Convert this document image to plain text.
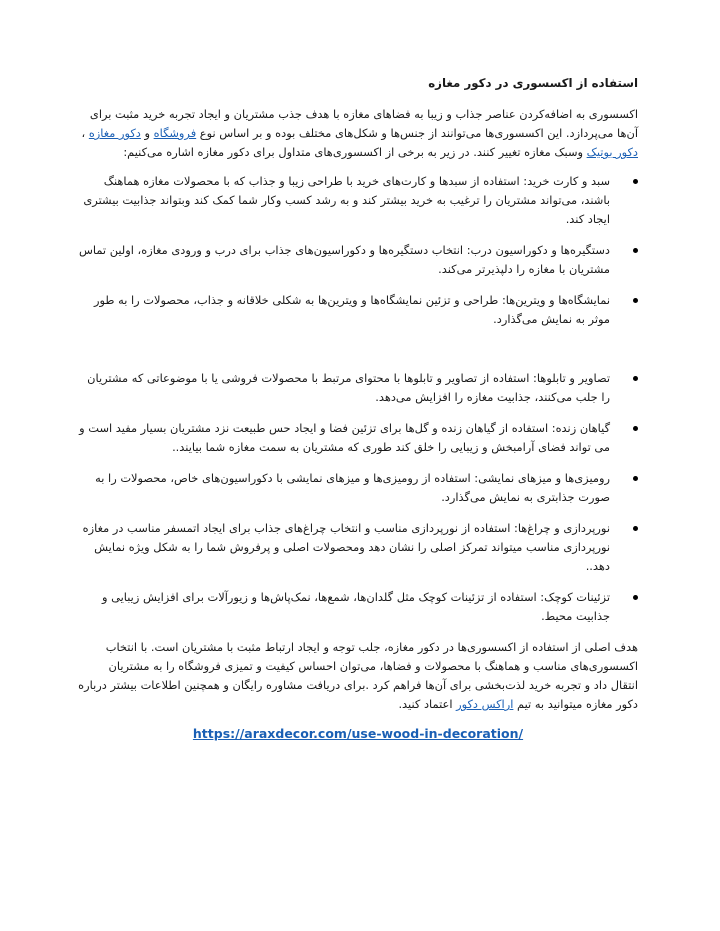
استفاده از اکسسوری در دکور مغازه

اکسسوری به اضافه‌کردن عناصر جذاب و زیبا به فضاهای مغازه با هدف جذب مشتریان و ایجاد تجربه خرید مثبت برای آن‌ها می‌پردازد. این اکسسوری‌ها می‌توانند از جنس‌ها و شکل‌های مختلف بوده و بر اساس نوع فروشگاه و دکور مغازه ، دکور بوتیک وسبک مغازه تغییر کنند. در زیر به برخی از اکسسوری‌های متداول برای دکور مغازه اشاره می‌کنیم:

سبد و کارت خرید: استفاده از سبدها و کارت‌های خرید با طراحی زیبا و جذاب که با محصولات مغازه هماهنگ باشند، می‌تواند مشتریان را ترغیب به خرید بیشتر کند و به رشد کسب وکار شما کمک کند وبتواند جذابیت بیشتری ایجاد کند.
دستگیره‌ها و دکوراسیون درب: انتخاب دستگیره‌ها و دکوراسیون‌های جذاب برای درب و ورودی مغازه، اولین تماس مشتریان با مغازه را دلپذیرتر می‌کند.
نمایشگاه‌ها و ویترین‌ها: طراحی و تزئین نمایشگاه‌ها و ویترین‌ها به شکلی خلاقانه و جذاب، محصولات را به طور موثر به نمایش می‌گذارد.
تصاویر و تابلوها: استفاده از تصاویر و تابلوها با محتوای مرتبط با محصولات فروشی یا با موضوعاتی که مشتریان را جلب می‌کنند، جذابیت مغازه را افزایش می‌دهد.
گیاهان زنده: استفاده از گیاهان زنده و گل‌ها برای تزئین فضا و ایجاد حس طبیعت نزد مشتریان بسیار مفید است و می تواند فضای آرامبخش و زیبایی را خلق کند طوری که مشتریان به سمت مغازه شما بیایند..
رومیزی‌ها و میزهای نمایشی: استفاده از رومیزی‌ها و میزهای نمایشی با دکوراسیون‌های خاص، محصولات را به صورت جذابتری به نمایش می‌گذارد.
نورپردازی و چراغ‌ها: استفاده از نورپردازی مناسب و انتخاب چراغ‌های جذاب برای ایجاد اتمسفر مناسب در مغازه نورپردازی مناسب میتواند تمرکز اصلی را نشان دهد ومحصولات اصلی و پرفروش شما را به شکل ویژه نمایش دهد..
تزئینات کوچک: استفاده از تزئینات کوچک مثل گلدان‌ها، شمع‌ها، نمک‌پاش‌ها و زیورآلات برای افزایش زیبایی و جذابیت محیط.

هدف اصلی از استفاده از اکسسوری‌ها در دکور مغازه، جلب توجه و ایجاد ارتباط مثبت با مشتریان است. با انتخاب اکسسوری‌های مناسب و هماهنگ با محصولات و فضاها، می‌توان احساس کیفیت و تمیزی فروشگاه را به مشتریان انتقال داد و تجربه خرید لذت‌بخشی برای آن‌ها فراهم کرد .برای دریافت مشاوره رایگان و همچنین اطلاعات بیشتر درباره دکور مغازه میتوانید به تیم اراکس دکور اعتماد کنید.

https://araxdecor.com/use-wood-in-decoration/
